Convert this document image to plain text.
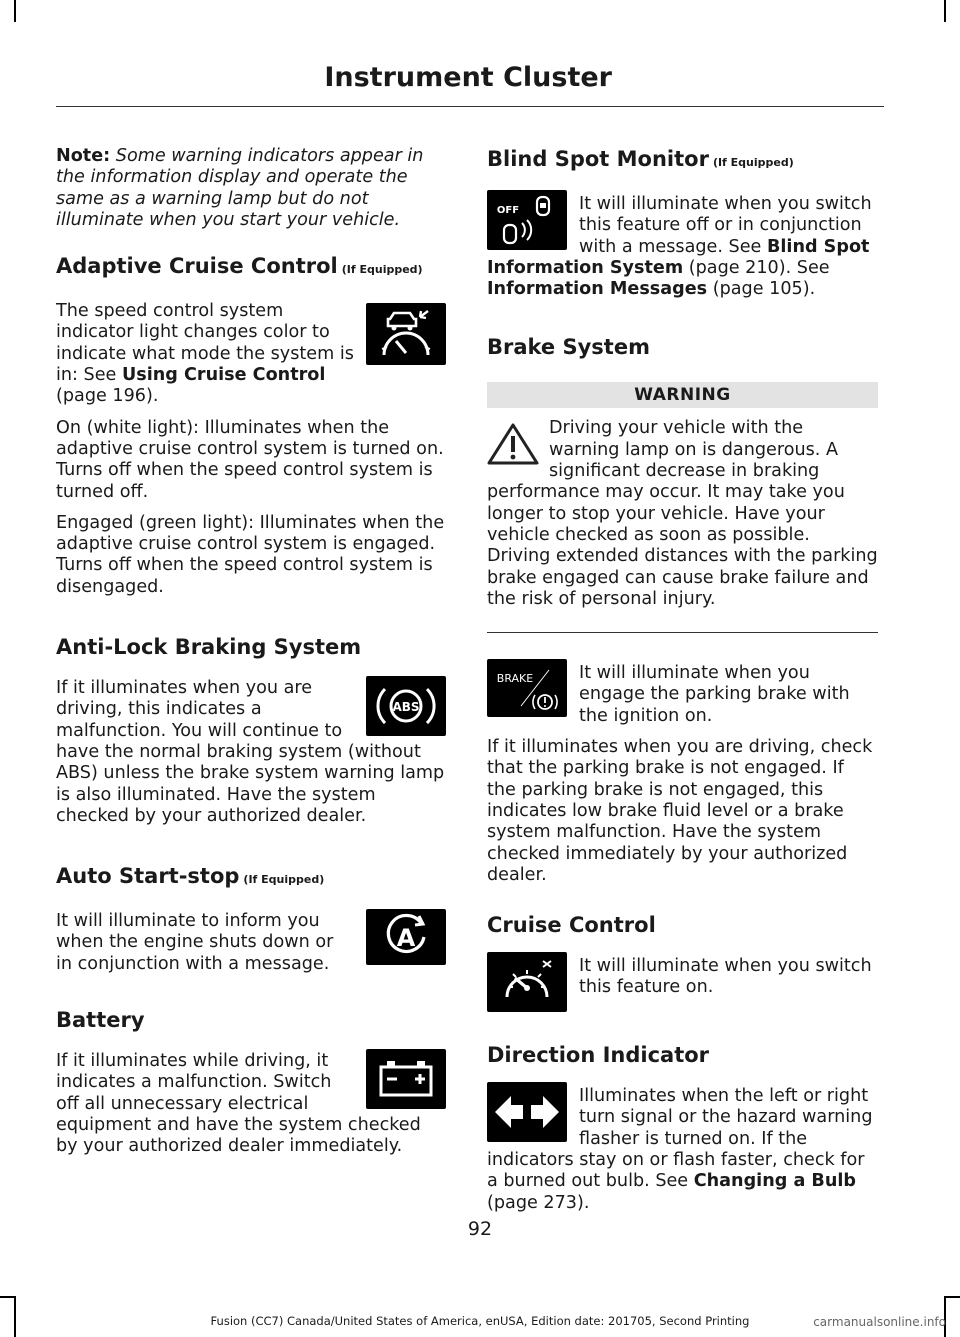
Instrument Cluster

Note: Some warning indicators appear in the information display and operate the same as a warning lamp but do not illuminate when you start your vehicle.

Adaptive Cruise Control (If Equipped)

The speed control system indicator light changes color to indicate what mode the system is in: See Using Cruise Control (page 196).

On (white light): Illuminates when the adaptive cruise control system is turned on. Turns off when the speed control system is turned off.

Engaged (green light): Illuminates when the adaptive cruise control system is engaged. Turns off when the speed control system is disengaged.

Anti-Lock Braking System
ABS

If it illuminates when you are driving, this indicates a malfunction. You will continue to have the normal braking system (without ABS) unless the brake system warning lamp is also illuminated. Have the system checked by your authorized dealer.

Auto Start-stop (If Equipped)
A

It will illuminate to inform you when the engine shuts down or in conjunction with a message.

Battery

If it illuminates while driving, it indicates a malfunction. Switch off all unnecessary electrical equipment and have the system checked by your authorized dealer immediately.

Blind Spot Monitor (If Equipped)
OFF	It will illuminate when you switch this feature off or in conjunction with a message. See Blind Spot Information System (page 210). See Information Messages (page 105).

Brake System
WARNING

Driving your vehicle with the warning lamp on is dangerous. A significant decrease in braking performance may occur. It may take you longer to stop your vehicle. Have your vehicle checked as soon as possible. Driving extended distances with the parking brake engaged can cause brake failure and the risk of personal injury.

BRAKE	It will illuminate when you engage the parking brake with the ignition on.

If it illuminates when you are driving, check that the parking brake is not engaged. If the parking brake is not engaged, this indicates low brake fluid level or a brake system malfunction. Have the system checked immediately by your authorized dealer.

Cruise Control

It will illuminate when you switch this feature on.

Direction Indicator

Illuminates when the left or right turn signal or the hazard warning flasher is turned on. If the indicators stay on or flash faster, check for a burned out bulb. See Changing a Bulb (page 273).

92
Fusion (CC7) Canada/United States of America, enUSA, Edition date: 201705, Second Printing	carmanualsonline.info
